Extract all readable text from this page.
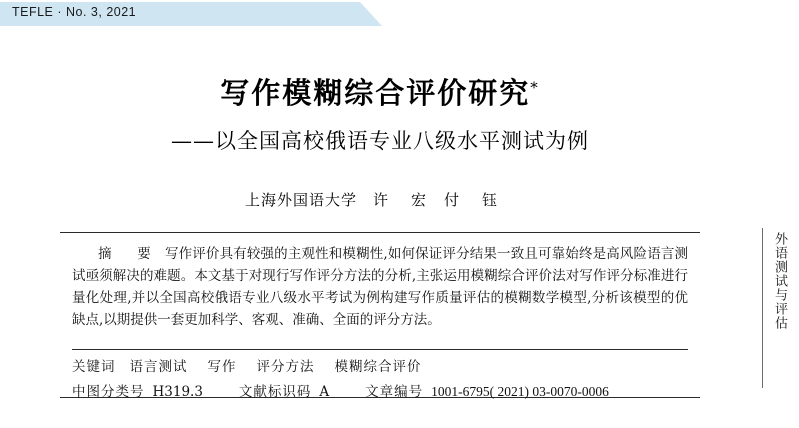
TEFLE · No. 3, 2021
外语测试与评估
写作模糊综合评价研究*
——以全国高校俄语专业八级水平测试为例
上海外国语大学 许　宏 付　钰
摘　要 写作评价具有较强的主观性和模糊性,如何保证评分结果一致且可靠始终是高风险语言测试亟须解决的难题。本文基于对现行写作评分方法的分析,主张运用模糊综合评价法对写作评分标准进行量化处理,并以全国高校俄语专业八级水平考试为例构建写作质量评估的模糊数学模型,分析该模型的优缺点,以期提供一套更加科学、客观、准确、全面的评分方法。
关键词 语言测试 写作 评分方法 模糊综合评价
中图分类号 H319.3	文献标识码 A	文章编号 1001-6795( 2021) 03-0070-0006
